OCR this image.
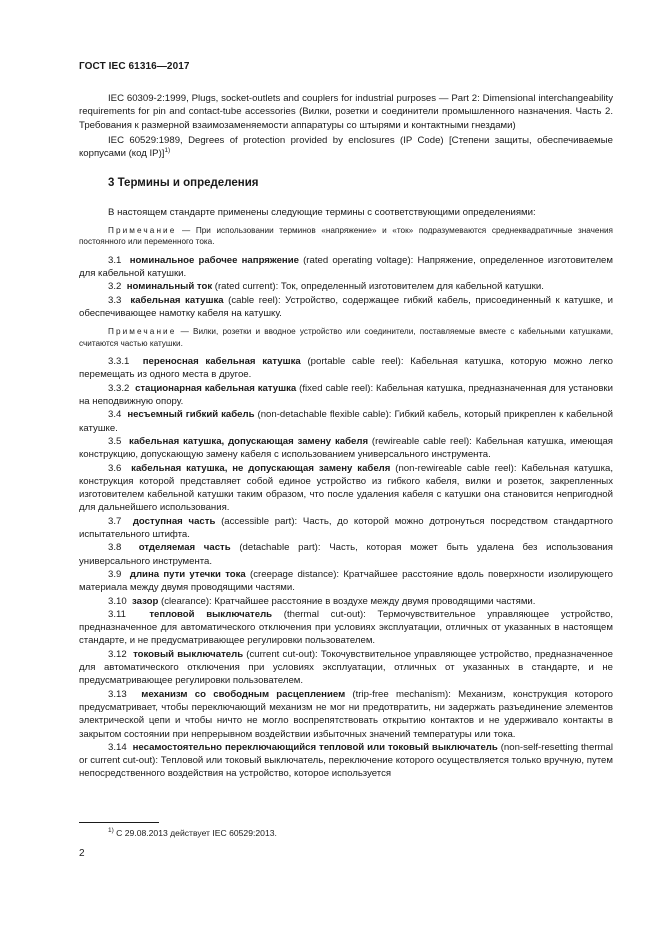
ГОСТ IEC 61316—2017

IEC 60309-2:1999, Plugs, socket-outlets and couplers for industrial purposes — Part 2: Dimensional interchangeability requirements for pin and contact-tube accessories (Вилки, розетки и соединители промышленного назначения. Часть 2. Требования к размерной взаимозаменяемости аппаратуры со штырями и контактными гнездами)

IEC 60529:1989, Degrees of protection provided by enclosures (IP Code) [Степени защиты, обеспечиваемые корпусами (код IP)]$^{1)}$

3 Термины и определения

В настоящем стандарте применены следующие термины с соответствующими определениями:

Примечание — При использовании терминов «напряжение» и «ток» подразумеваются среднеквадратичные значения постоянного или переменного тока.

3.1 номинальное рабочее напряжение (rated operating voltage): Напряжение, определенное изготовителем для кабельной катушки.

3.2 номинальный ток (rated current): Ток, определенный изготовителем для кабельной катушки.

3.3 кабельная катушка (cable reel): Устройство, содержащее гибкий кабель, присоединенный к катушке, и обеспечивающее намотку кабеля на катушку.

Примечание — Вилки, розетки и вводное устройство или соединители, поставляемые вместе с кабельными катушками, считаются частью катушки.

3.3.1 переносная кабельная катушка (portable cable reel): Кабельная катушка, которую можно легко перемещать из одного места в другое.

3.3.2 стационарная кабельная катушка (fixed cable reel): Кабельная катушка, предназначенная для установки на неподвижную опору.

3.4 несъемный гибкий кабель (non-detachable flexible cable): Гибкий кабель, который прикреплен к кабельной катушке.

3.5 кабельная катушка, допускающая замену кабеля (rewireable cable reel): Кабельная катушка, имеющая конструкцию, допускающую замену кабеля с использованием универсального инструмента.

3.6 кабельная катушка, не допускающая замену кабеля (non-rewireable cable reel): Кабельная катушка, конструкция которой представляет собой единое устройство из гибкого кабеля, вилки и розеток, закрепленных изготовителем кабельной катушки таким образом, что после удаления кабеля с катушки она становится непригодной для дальнейшего использования.

3.7 доступная часть (accessible part): Часть, до которой можно дотронуться посредством стандартного испытательного штифта.

3.8 отделяемая часть (detachable part): Часть, которая может быть удалена без использования универсального инструмента.

3.9 длина пути утечки тока (creepage distance): Кратчайшее расстояние вдоль поверхности изолирующего материала между двумя проводящими частями.

3.10 зазор (clearance): Кратчайшее расстояние в воздухе между двумя проводящими частями.

3.11 тепловой выключатель (thermal cut-out): Термочувствительное управляющее устройство, предназначенное для автоматического отключения при условиях эксплуатации, отличных от указанных в настоящем стандарте, и не предусматривающее регулировки пользователем.

3.12 токовый выключатель (current cut-out): Токочувствительное управляющее устройство, предназначенное для автоматического отключения при условиях эксплуатации, отличных от указанных в стандарте, и не предусматривающее регулировки пользователем.

3.13 механизм со свободным расцеплением (trip-free mechanism): Механизм, конструкция которого предусматривает, чтобы переключающий механизм не мог ни предотвратить, ни задержать разъединение элементов электрической цепи и чтобы ничто не могло воспрепятствовать открытию контактов и не удерживало контакты в закрытом состоянии при непрерывном воздействии избыточных значений температуры или тока.

3.14 несамостоятельно переключающийся тепловой или токовый выключатель (non-self-resetting thermal or current cut-out): Тепловой или токовый выключатель, переключение которого осуществляется только вручную, путем непосредственного воздействия на устройство, которое используется

$^{1)}$ С 29.08.2013 действует IEC 60529:2013.
2
